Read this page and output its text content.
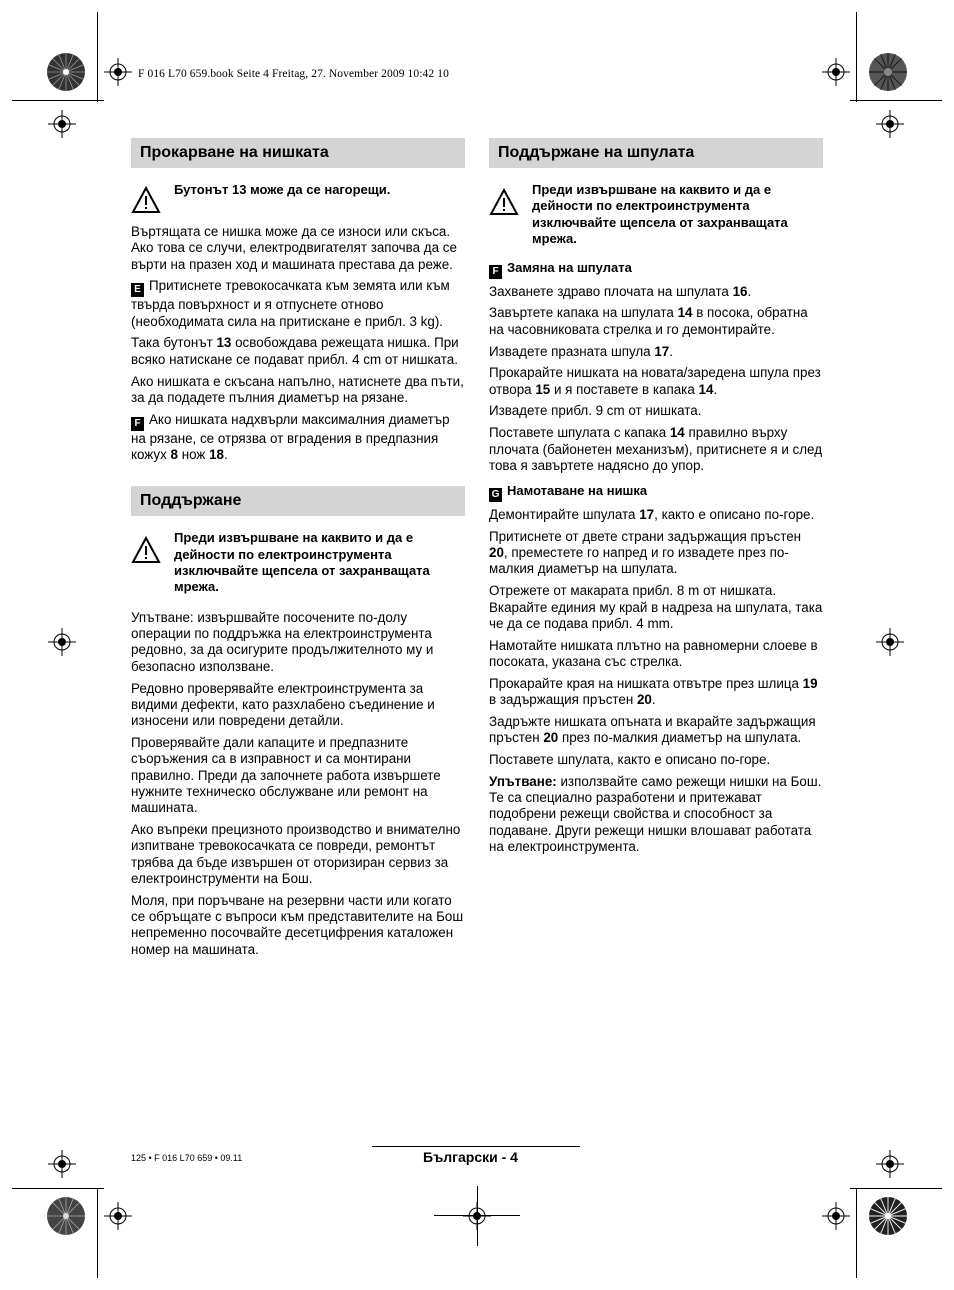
F 016 L70 659.book Seite 4 Freitag, 27. November 2009 10:42 10
Прокарване на нишката
Бутонът 13 може да се нагорещи.

Въртящата се нишка може да се износи или скъса. Ако това се случи, електродвигателят започва да се върти на празен ход и машината престава да реже.

E Притиснете тревокосачката към земята или към твърда повърхност и я отпуснете отново (необходимата сила на притискане е прибл. 3 kg).

Така бутонът 13 освобождава режещата нишка. При всяко натискане се подават прибл. 4 cm от нишката.

Ако нишката е скъсана напълно, натиснете два пъти, за да подадете пълния диаметър на рязане.

F Ако нишката надхвърли максималния диаметър на рязане, се отрязва от вградения в предпазния кожух 8 нож 18.

Поддържане
Преди извършване на каквито и да е дейности по електроинструмента изключвайте щепсела от захранващата мрежа.

Упътване: извършвайте посочените по-долу операции по поддръжка на електроинструмента редовно, за да осигурите продължителното му и безопасно използване.

Редовно проверявайте електроинструмента за видими дефекти, като разхлабено съединение и износени или повредени детайли.

Проверявайте дали капаците и предпазните съоръжения са в изправност и са монтирани правилно. Преди да започнете работа извършете нужните техническо обслужване или ремонт на машината.

Ако въпреки прецизното производство и внимателно изпитване тревокосачката се повреди, ремонтът трябва да бъде извършен от оторизиран сервиз за електроинструменти на Бош.

Моля, при поръчване на резервни части или когато се обръщате с въпроси към представителите на Бош непременно посочвайте десетцифрения каталожен номер на машината.

Поддържане на шпулата
Преди извършване на каквито и да е дейности по електроинструмента изключвайте щепсела от захранващата мрежа.
F Замяна на шпулата

Захванете здраво плочата на шпулата 16.

Завъртете капака на шпулата 14 в посока, обратна на часовниковата стрелка и го демонтирайте.

Извадете празната шпула 17.

Прокарайте нишката на новата/заредена шпула през отвора 15 и я поставете в капака 14.

Извадете прибл. 9 cm от нишката.

Поставете шпулата с капака 14 правилно върху плочата (байонетен механизъм), притиснете я и след това я завъртете надясно до упор.

G Намотаване на нишка

Демонтирайте шпулата 17, както е описано по-горе.

Притиснете от двете страни задържащия пръстен 20, преместете го напред и го извадете през по-малкия диаметър на шпулата.

Отрежете от макарата прибл. 8 m от нишката. Вкарайте единия му край в надреза на шпулата, така че да се подава прибл. 4 mm.

Намотайте нишката плътно на равномерни слоеве в посоката, указана със стрелка.

Прокарайте края на нишката отвътре през шлица 19 в задържащия пръстен 20.

Задръжте нишката опъната и вкарайте задържащия пръстен 20 през по-малкия диаметър на шпулата.

Поставете шпулата, както е описано по-горе.

Упътване: използвайте само режещи нишки на Бош. Те са специално разработени и притежават подобрени режещи свойства и способност за подаване. Други режещи нишки влошават работата на електроинструмента.

125 • F 016 L70 659 • 09.11	Български - 4
